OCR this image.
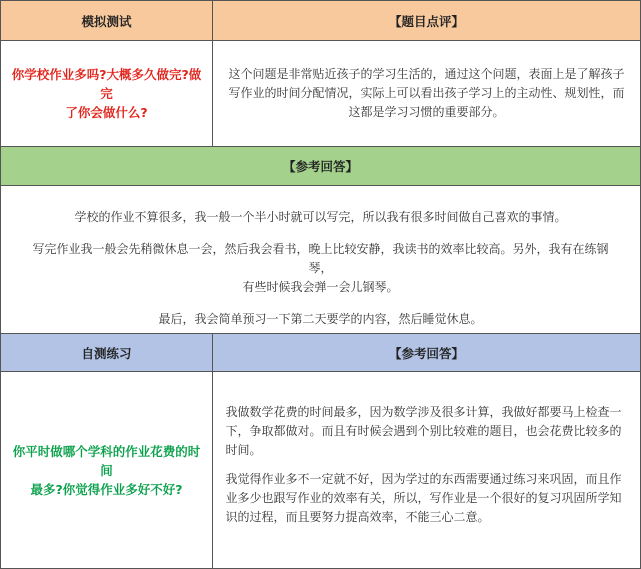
模拟测试	【题目点评】
你学校作业多吗?大概多久做完?做完
了你会做什么?
这个问题是非常贴近孩子的学习生活的，通过这个问题，表面上是了解孩子
写作业的时间分配情况，实际上可以看出孩子学习上的主动性、规划性，而
这都是学习习惯的重要部分。
【参考回答】

学校的作业不算很多，我一般一个半小时就可以写完，所以我有很多时间做自己喜欢的事情。

写完作业我一般会先稍微休息一会，然后我会看书，晚上比较安静，我读书的效率比较高。另外，我有在练钢琴，
有些时候我会弹一会儿钢琴。

最后，我会简单预习一下第二天要学的内容，然后睡觉休息。

自测练习	【参考回答】
你平时做哪个学科的作业花费的时间
最多?你觉得作业多好不好?

我做数学花费的时间最多，因为数学涉及很多计算，我做好都要马上检查一
下，争取都做对。而且有时候会遇到个别比较难的题目，也会花费比较多的
时间。

我觉得作业多不一定就不好，因为学过的东西需要通过练习来巩固，而且作
业多少也跟写作业的效率有关，所以，写作业是一个很好的复习巩固所学知
识的过程，而且要努力提高效率，不能三心二意。
